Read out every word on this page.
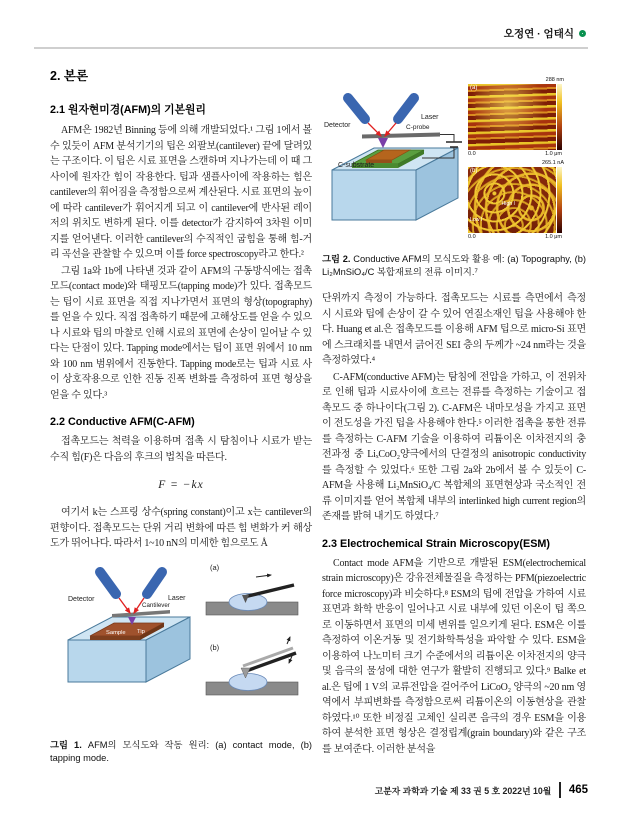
오정연 · 엄태식
2. 본론
2.1 원자현미경(AFM)의 기본원리

AFM은 1982년 Binning 등에 의해 개발되었다.¹ 그림 1에서 볼 수 있듯이 AFM 분석기기의 팁은 외팔보(cantilever) 끝에 달려있는 구조이다. 이 팁은 시료 표면을 스캔하며 지나가는데 이 때 그 사이에 원자간 힘이 작용한다. 팁과 샘플사이에 작용하는 힘은 cantilever의 휘어짐을 측정함으로써 계산된다. 시료 표면의 높이에 따라 cantilever가 휘어지게 되고 이 cantilever에 반사된 레이저의 위치도 변하게 된다. 이를 detector가 감지하여 3차원 이미지를 얻어낸다. 이러한 cantilever의 수직적인 굽힘을 통해 힘-거리 곡선을 관찰할 수 있으며 이를 force spectroscopy라고 한다.²

그림 1a와 1b에 나타낸 것과 같이 AFM의 구동방식에는 접촉모드(contact mode)와 태핑모드(tapping mode)가 있다. 접촉모드는 팁이 시료 표면을 직접 지나가면서 표면의 형상(topography)를 얻을 수 있다. 직접 접촉하기 때문에 고해상도를 얻을 수 있으나 시료와 팁의 마찰로 인해 시료의 표면에 손상이 일어날 수 있다는 단점이 있다. Tapping mode에서는 팁이 표면 위에서 10 nm와 100 nm 범위에서 진동한다. Tapping mode로는 팁과 시료 사이 상호작용으로 인한 진동 진폭 변화를 측정하여 표면 형상을 얻을 수 있다.³

2.2 Conductive AFM(C-AFM)

접촉모드는 척력을 이용하며 접촉 시 탐침이나 시료가 받는 수직 힘(F)은 다음의 후크의 법칙을 따른다.

F = −kx

여기서 k는 스프링 상수(spring constant)이고 x는 cantilever의 편향이다. 접촉모드는 단위 거리 변화에 따른 힘 변화가 커 해상도가 뛰어나다. 따라서 1~10 nN의 미세한 힘으로도 Å

Detector	Laser
Cantilever
Sample Tip
(a)
(b)
그림 1. AFM의 모식도와 작동 원리: (a) contact mode, (b) tapping mode.
Detector
Laser
C-probe
C-substrate
288 nm
(a)
0.0	1.0 μm
265.1 nA
(b)
High I
Low I
0.0	1.0 μm
그림 2. Conductive AFM의 모식도와 활용 예: (a) Topography, (b) Li₂MnSiO₄/C 복합재료의 전류 이미지.⁷

단위까지 측정이 가능하다. 접촉모드는 시료를 측면에서 측정 시 시료와 팁에 손상이 갈 수 있어 연질소재인 팁을 사용해야 한다. Huang et al.은 접촉모드를 이용해 AFM 팁으로 micro-Si 표면에 스크래치를 내면서 긁어진 SEI 층의 두께가 ~24 nm라는 것을 측정하였다.⁴

C-AFM(conductive AFM)는 탐침에 전압을 가하고, 이 전위차로 인해 팁과 시료사이에 흐르는 전류를 측정하는 기술이고 접촉모드 중 하나이다(그림 2). C-AFM은 내마모성을 가지고 표면이 전도성을 가진 팁을 사용해야 한다.⁵ 이러한 접촉을 통한 전류를 측정하는 C-AFM 기술을 이용하여 리튬이온 이차전지의 충전과정 중 LiₓCoO₂양극에서의 단결정의 anisotropic conductivity를 측정할 수 있었다.⁶ 또한 그림 2a와 2b에서 볼 수 있듯이 C-AFM을 사용해 Li₂MnSiO₄/C 복합체의 표면현상과 국소적인 전류 이미지를 얻어 복합체 내부의 interlinked high current region의 존재를 밝혀 내기도 하였다.⁷

2.3 Electrochemical Strain Microscopy(ESM)

Contact mode AFM을 기반으로 개발된 ESM(electrochemical strain microscopy)은 강유전체물질을 측정하는 PFM(piezoelectric force microscopy)과 비슷하다.⁸ ESM의 팁에 전압을 가하여 시료 표면과 화학 반응이 일어나고 시료 내부에 있던 이온이 팁 쪽으로 이동하면서 표면의 미세 변위를 일으키게 된다. ESM은 이를 측정하여 이온거동 및 전기화학특성을 파악할 수 있다. ESM을 이용하여 나노미터 크기 수준에서의 리튬이온 이차전지의 양극 및 음극의 물성에 대한 연구가 활발히 진행되고 있다.⁹ Balke et al.은 팁에 1 V의 교류전압을 걸어주어 LiCoO₂ 양극의 ~20 nm 영역에서 부피변화를 측정함으로써 리튬이온의 이동현상을 관찰하였다.¹⁰ 또한 비정질 고체인 실리콘 음극의 경우 ESM을 이용하여 분석한 표면 형상은 결정립계(grain boundary)와 같은 구조를 보여준다. 이러한 분석을

고분자 과학과 기술 제 33 권 5 호 2022년 10월 465
